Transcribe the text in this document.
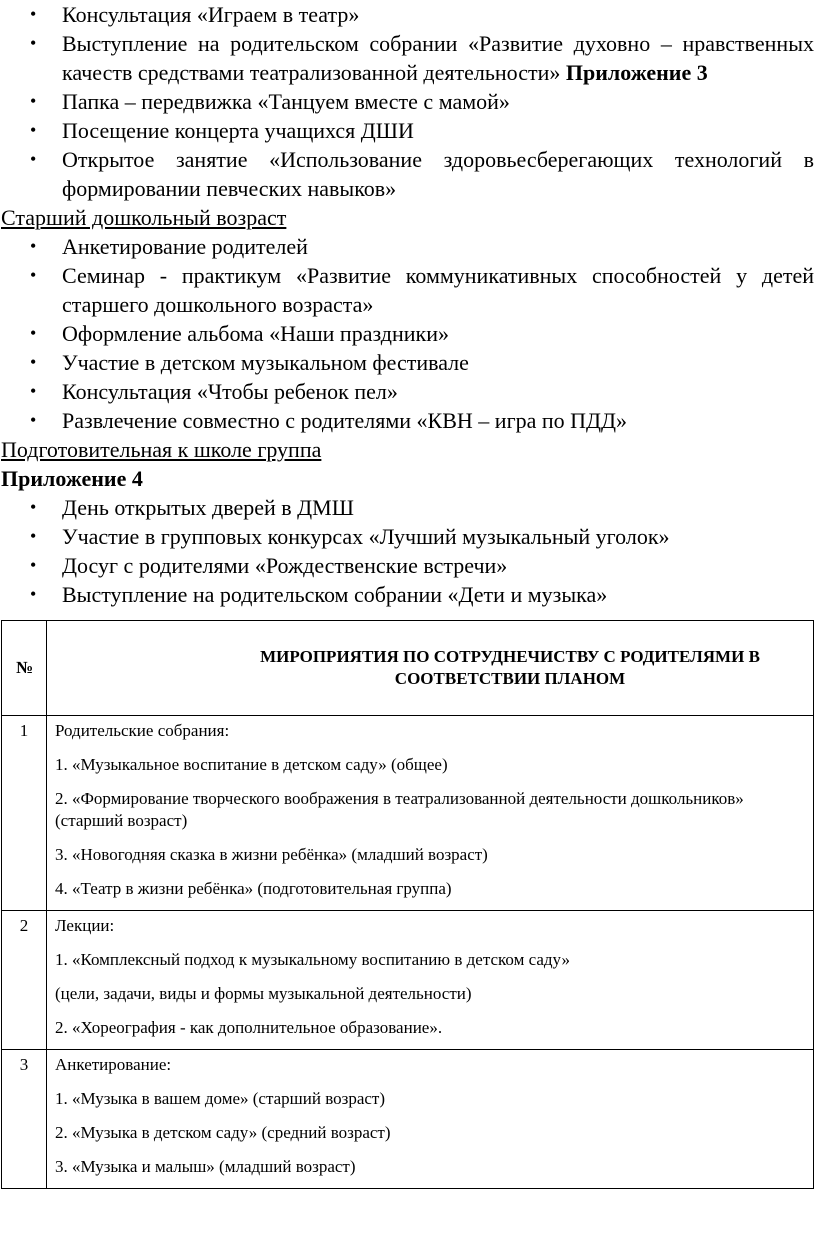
• Консультация «Играем в театр»
• Выступление на родительском собрании «Развитие духовно – нравственных качеств средствами театрализованной деятельности» Приложение 3
• Папка – передвижка «Танцуем вместе с мамой»
• Посещение концерта учащихся ДШИ
• Открытое занятие «Использование здоровьесберегающих технологий в формировании певческих навыков»
Старший дошкольный возраст
• Анкетирование родителей
• Семинар - практикум «Развитие коммуникативных способностей у детей старшего дошкольного возраста»
• Оформление альбома «Наши праздники»
• Участие в детском музыкальном фестивале
• Консультация «Чтобы ребенок пел»
• Развлечение совместно с родителями «КВН – игра по ПДД»
Подготовительная к школе группа
Приложение 4
• День открытых дверей в ДМШ
• Участие в групповых конкурсах «Лучший музыкальный уголок»
• Досуг с родителями «Рождественские встречи»
• Выступление на родительском собрании «Дети и музыка»
№	МИРОПРИЯТИЯ ПО СОТРУДНЕЧИСТВУ С РОДИТЕЛЯМИ В СООТВЕТСТВИИ ПЛАНОМ
1	Родительские собрания:

1. «Музыкальное воспитание в детском саду» (общее)

2. «Формирование творческого воображения в театрализованной деятельности дошкольников» (старший возраст)

3. «Новогодняя сказка в жизни ребёнка» (младший возраст)

4. «Театр в жизни ребёнка» (подготовительная группа)

2	Лекции:

1. «Комплексный подход к музыкальному воспитанию в детском саду»

(цели, задачи, виды и формы музыкальной деятельности)

2. «Хореография - как дополнительное образование».

3	Анкетирование:

1. «Музыка в вашем доме» (старший возраст)

2. «Музыка в детском саду» (средний возраст)

3. «Музыка и малыш» (младший возраст)
